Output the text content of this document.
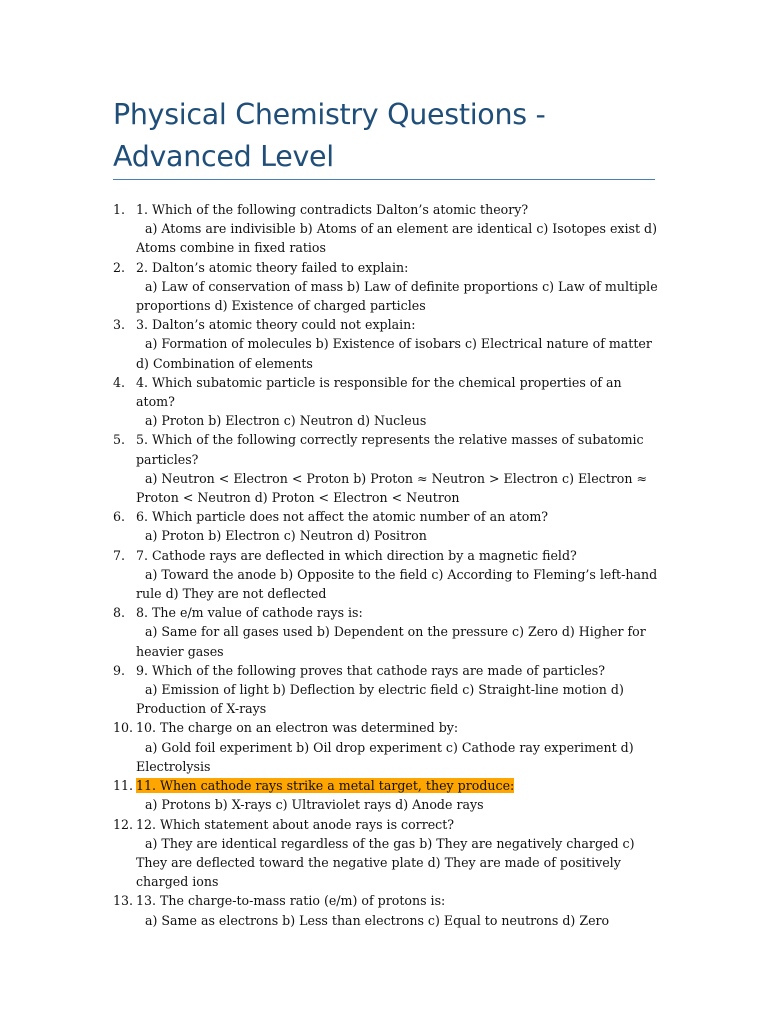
Physical Chemistry Questions -
Advanced Level
1. 1. Which of the following contradicts Dalton’s atomic theory?
a) Atoms are indivisible b) Atoms of an element are identical c) Isotopes exist d) Atoms combine in fixed ratios
2. 2. Dalton’s atomic theory failed to explain:
a) Law of conservation of mass b) Law of definite proportions c) Law of multiple proportions d) Existence of charged particles
3. 3. Dalton’s atomic theory could not explain:
a) Formation of molecules b) Existence of isobars c) Electrical nature of matter d) Combination of elements
4. 4. Which subatomic particle is responsible for the chemical properties of an atom?
a) Proton b) Electron c) Neutron d) Nucleus
5. 5. Which of the following correctly represents the relative masses of subatomic particles?
a) Neutron < Electron < Proton b) Proton ≈ Neutron > Electron c) Electron ≈ Proton < Neutron d) Proton < Electron < Neutron
6. 6. Which particle does not affect the atomic number of an atom?
a) Proton b) Electron c) Neutron d) Positron
7. 7. Cathode rays are deflected in which direction by a magnetic field?
a) Toward the anode b) Opposite to the field c) According to Fleming’s left-hand rule d) They are not deflected
8. 8. The e/m value of cathode rays is:
a) Same for all gases used b) Dependent on the pressure c) Zero d) Higher for heavier gases
9. 9. Which of the following proves that cathode rays are made of particles?
a) Emission of light b) Deflection by electric field c) Straight-line motion d) Production of X-rays
10. 10. The charge on an electron was determined by:
a) Gold foil experiment b) Oil drop experiment c) Cathode ray experiment d) Electrolysis
11. 11. When cathode rays strike a metal target, they produce:
a) Protons b) X-rays c) Ultraviolet rays d) Anode rays
12. 12. Which statement about anode rays is correct?
a) They are identical regardless of the gas b) They are negatively charged c) They are deflected toward the negative plate d) They are made of positively charged ions
13. 13. The charge-to-mass ratio (e/m) of protons is:
a) Same as electrons b) Less than electrons c) Equal to neutrons d) Zero
